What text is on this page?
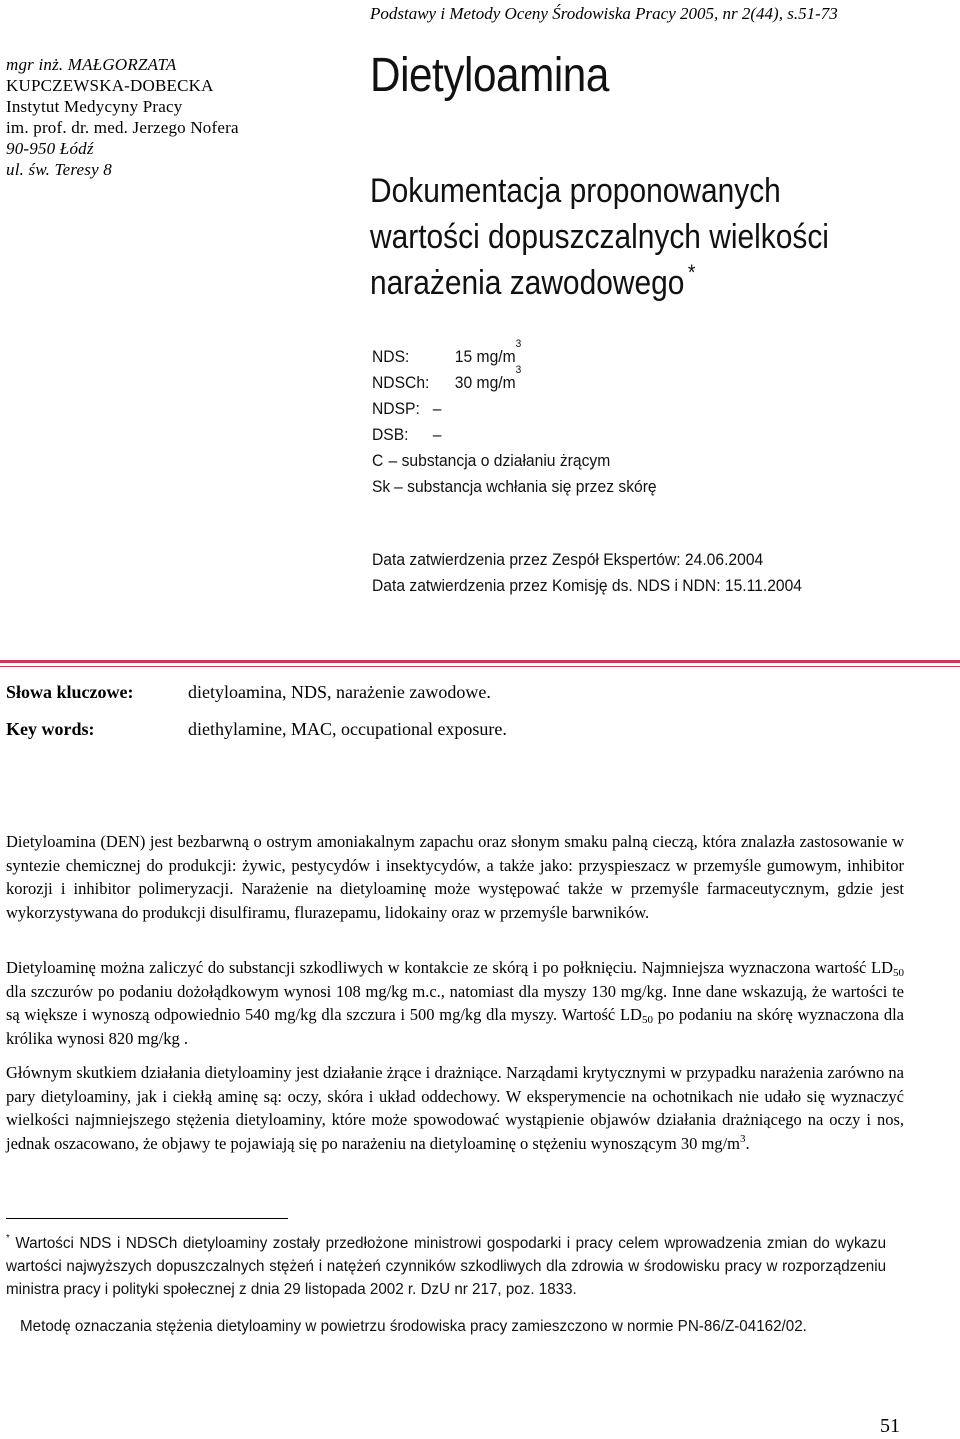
Podstawy i Metody Oceny Środowiska Pracy 2005, nr 2(44), s.51-73
mgr inż. MAŁGORZATA
KUPCZEWSKA-DOBECKA
Instytut Medycyny Pracy
im. prof. dr. med. Jerzego Nofera
90-950 Łódź
ul. św. Teresy 8
Dietyloamina
Dokumentacja proponowanych
wartości dopuszczalnych wielkości
narażenia zawodowego *
NDS:	15 mg/m
3
NDSCh:	30 mg/m
3
NDSP: –
DSB:	–
C – substancja o działaniu żrącym
Sk – substancja wchłania się przez skórę
Data zatwierdzenia przez Zespół Ekspertów: 24.06.2004
Data zatwierdzenia przez Komisję ds. NDS i NDN: 15.11.2004
Słowa kluczowe:	dietyloamina, NDS, narażenie zawodowe.
Key words:	diethylamine, MAC, occupational exposure.
Dietyloamina (DEN) jest bezbarwną o ostrym amoniakalnym zapachu oraz słonym smaku palną cieczą, która znalazła zastosowanie w syntezie chemicznej do produkcji: żywic, pestycydów i insektycydów, a także jako: przyspieszacz w przemyśle gumowym, inhibitor korozji i inhibitor polimeryzacji. Narażenie na dietyloaminę może występować także w przemyśle farmaceutycznym, gdzie jest wykorzystywana do produkcji disulfiramu, flurazepamu, lidokainy oraz w przemyśle barwników.
Dietyloaminę można zaliczyć do substancji szkodliwych w kontakcie ze skórą i po połknięciu. Najmniejsza wyznaczona wartość $LD_{50}$ dla szczurów po podaniu dożołądkowym wynosi 108 mg/kg m.c., natomiast dla myszy 130 mg/kg. Inne dane wskazują, że wartości te są większe i wynoszą odpowiednio 540 mg/kg dla szczura i 500 mg/kg dla myszy. Wartość $LD_{50}$ po podaniu na skórę wyznaczona dla królika wynosi 820 mg/kg .
Głównym skutkiem działania dietyloaminy jest działanie żrące i drażniące. Narządami krytycznymi w przypadku narażenia zarówno na pary dietyloaminy, jak i ciekłą aminę są: oczy, skóra i układ oddechowy. W eksperymencie na ochotnikach nie udało się wyznaczyć wielkości najmniejszego stężenia dietyloaminy, które może spowodować wystąpienie objawów działania drażniącego na oczy i nos, jednak oszacowano, że objawy te pojawiają się po narażeniu na dietyloaminę o stężeniu wynoszącym 30 $mg/m^3$.
* Wartości NDS i NDSCh dietyloaminy zostały przedłożone ministrowi gospodarki i pracy celem wprowadzenia zmian do wykazu wartości najwyższych dopuszczalnych stężeń i natężeń czynników szkodliwych dla zdrowia w środowisku pracy w rozporządzeniu ministra pracy i polityki społecznej z dnia 29 listopada 2002 r. DzU nr 217, poz. 1833.
Metodę oznaczania stężenia dietyloaminy w powietrzu środowiska pracy zamieszczono w normie PN-86/Z-04162/02.
51
